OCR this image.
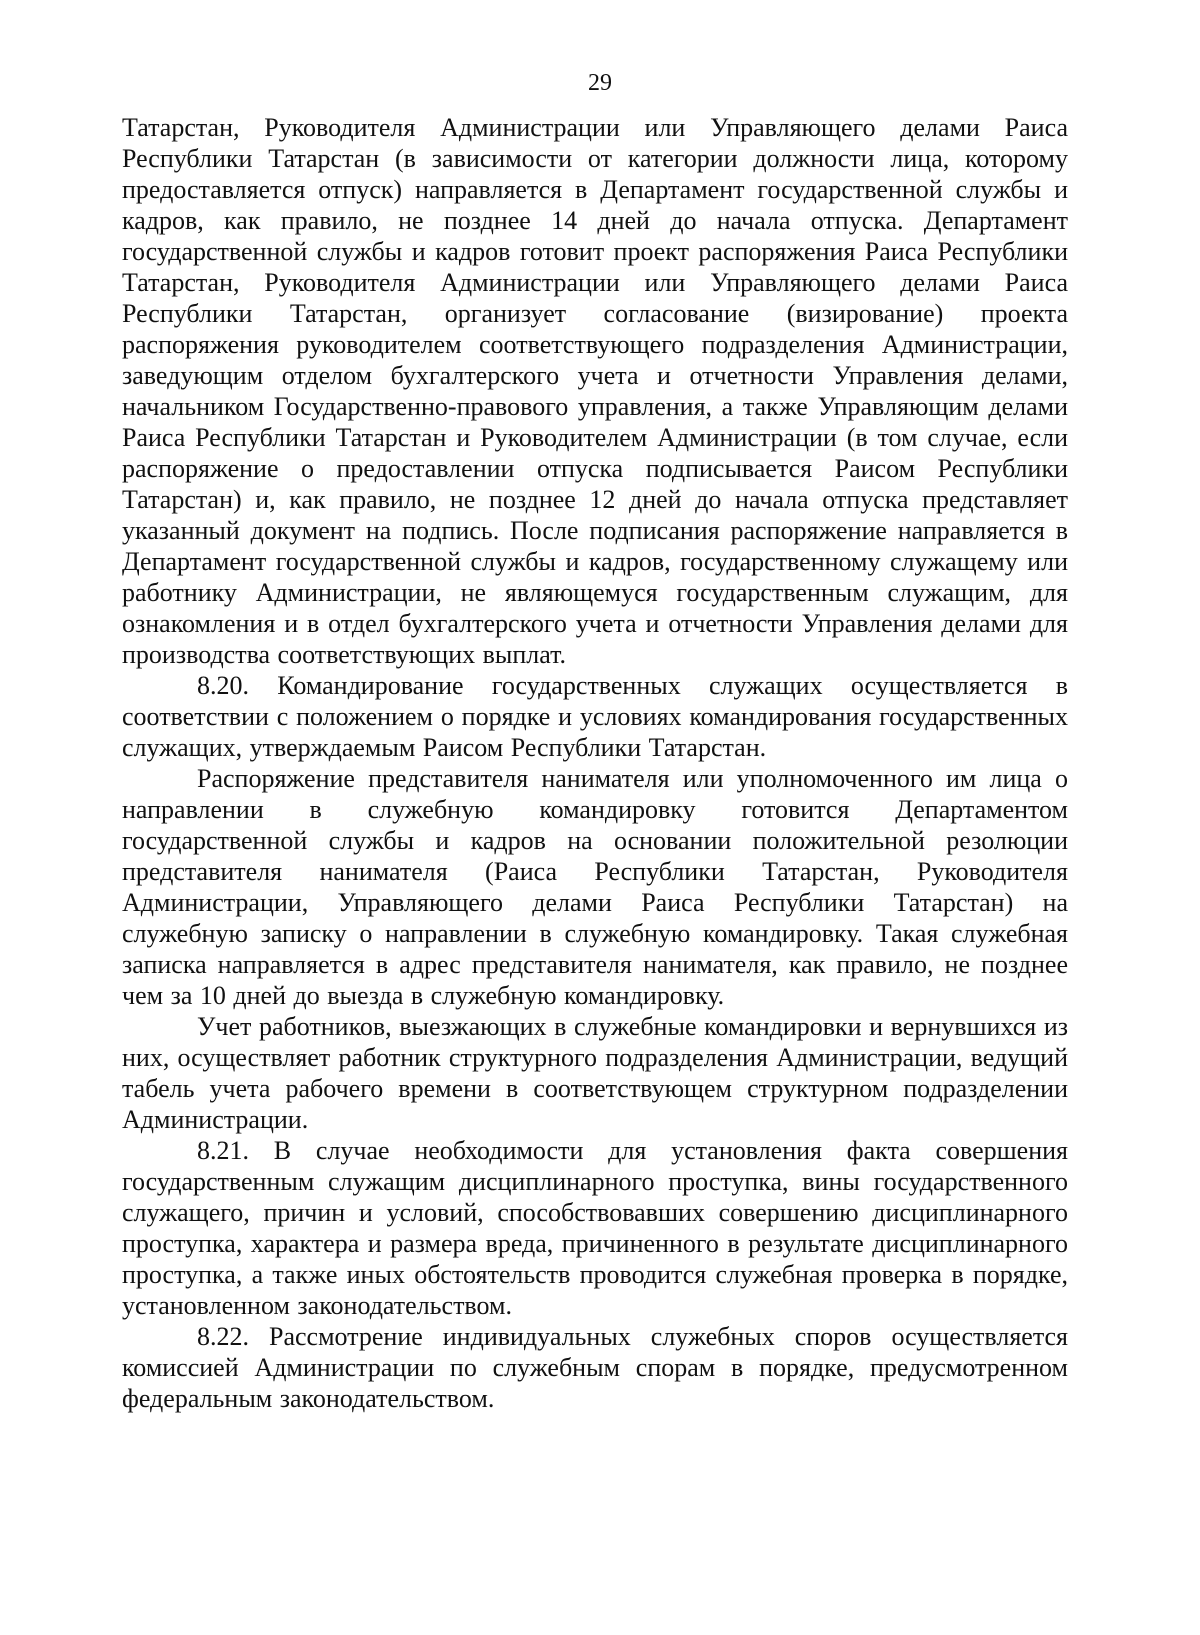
29

Татарстан, Руководителя Администрации или Управляющего делами Раиса Республики Татарстан (в зависимости от категории должности лица, которому предоставляется отпуск) направляется в Департамент государственной службы и кадров, как правило, не позднее 14 дней до начала отпуска. Департамент государственной службы и кадров готовит проект распоряжения Раиса Республики Татарстан, Руководителя Администрации или Управляющего делами Раиса Республики Татарстан, организует согласование (визирование) проекта распоряжения руководителем соответствующего подразделения Администрации, заведующим отделом бухгалтерского учета и отчетности Управления делами, начальником Государственно-правового управления, а также Управляющим делами Раиса Республики Татарстан и Руководителем Администрации (в том случае, если распоряжение о предоставлении отпуска подписывается Раисом Республики Татарстан) и, как правило, не позднее 12 дней до начала отпуска представляет указанный документ на подпись. После подписания распоряжение направляется в Департамент государственной службы и кадров, государственному служащему или работнику Администрации, не являющемуся государственным служащим, для ознакомления и в отдел бухгалтерского учета и отчетности Управления делами для производства соответствующих выплат.

8.20. Командирование государственных служащих осуществляется в соответствии с положением о порядке и условиях командирования государственных служащих, утверждаемым Раисом Республики Татарстан.

Распоряжение представителя нанимателя или уполномоченного им лица о направлении в служебную командировку готовится Департаментом государственной службы и кадров на основании положительной резолюции представителя нанимателя (Раиса Республики Татарстан, Руководителя Администрации, Управляющего делами Раиса Республики Татарстан) на служебную записку о направлении в служебную командировку. Такая служебная записка направляется в адрес представителя нанимателя, как правило, не позднее чем за 10 дней до выезда в служебную командировку.

Учет работников, выезжающих в служебные командировки и вернувшихся из них, осуществляет работник структурного подразделения Администрации, ведущий табель учета рабочего времени в соответствующем структурном подразделении Администрации.

8.21. В случае необходимости для установления факта совершения государственным служащим дисциплинарного проступка, вины государственного служащего, причин и условий, способствовавших совершению дисциплинарного проступка, характера и размера вреда, причиненного в результате дисциплинарного проступка, а также иных обстоятельств проводится служебная проверка в порядке, установленном законодательством.

8.22. Рассмотрение индивидуальных служебных споров осуществляется комиссией Администрации по служебным спорам в порядке, предусмотренном федеральным законодательством.
